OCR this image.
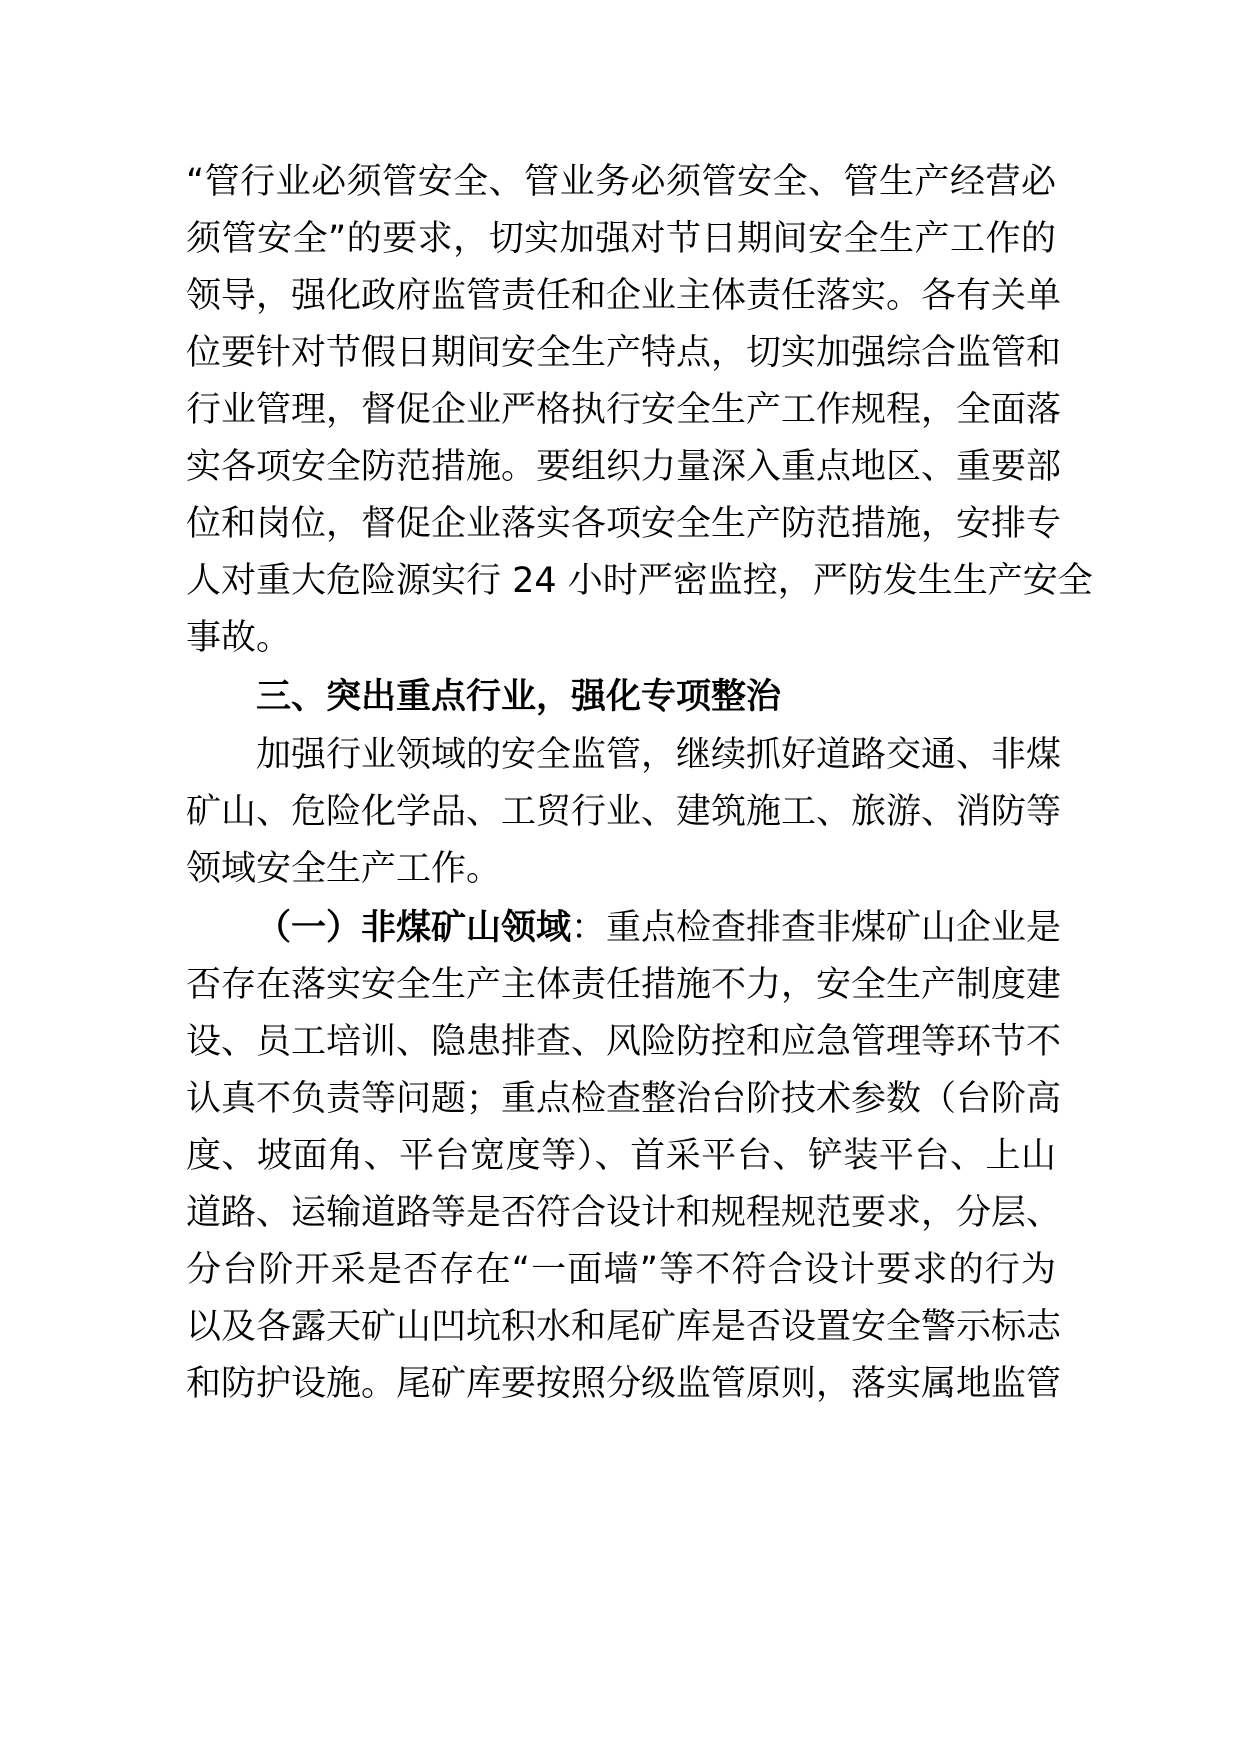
“管行业必须管安全、管业务必须管安全、管生产经营必
须管安全”的要求，切实加强对节日期间安全生产工作的
领导，强化政府监管责任和企业主体责任落实。各有关单
位要针对节假日期间安全生产特点，切实加强综合监管和
行业管理，督促企业严格执行安全生产工作规程，全面落
实各项安全防范措施。要组织力量深入重点地区、重要部
位和岗位，督促企业落实各项安全生产防范措施，安排专
人对重大危险源实行 24 小时严密监控，严防发生生产安全
事故。
三、突出重点行业，强化专项整治
加强行业领域的安全监管，继续抓好道路交通、非煤
矿山、危险化学品、工贸行业、建筑施工、旅游、消防等
领域安全生产工作。
（一）非煤矿山领域：重点检查排查非煤矿山企业是
否存在落实安全生产主体责任措施不力，安全生产制度建
设、员工培训、隐患排查、风险防控和应急管理等环节不
认真不负责等问题；重点检查整治台阶技术参数（台阶高
度、坡面角、平台宽度等）、首采平台、铲装平台、上山
道路、运输道路等是否符合设计和规程规范要求，分层、
分台阶开采是否存在“一面墙”等不符合设计要求的行为
以及各露天矿山凹坑积水和尾矿库是否设置安全警示标志
和防护设施。尾矿库要按照分级监管原则，落实属地监管
